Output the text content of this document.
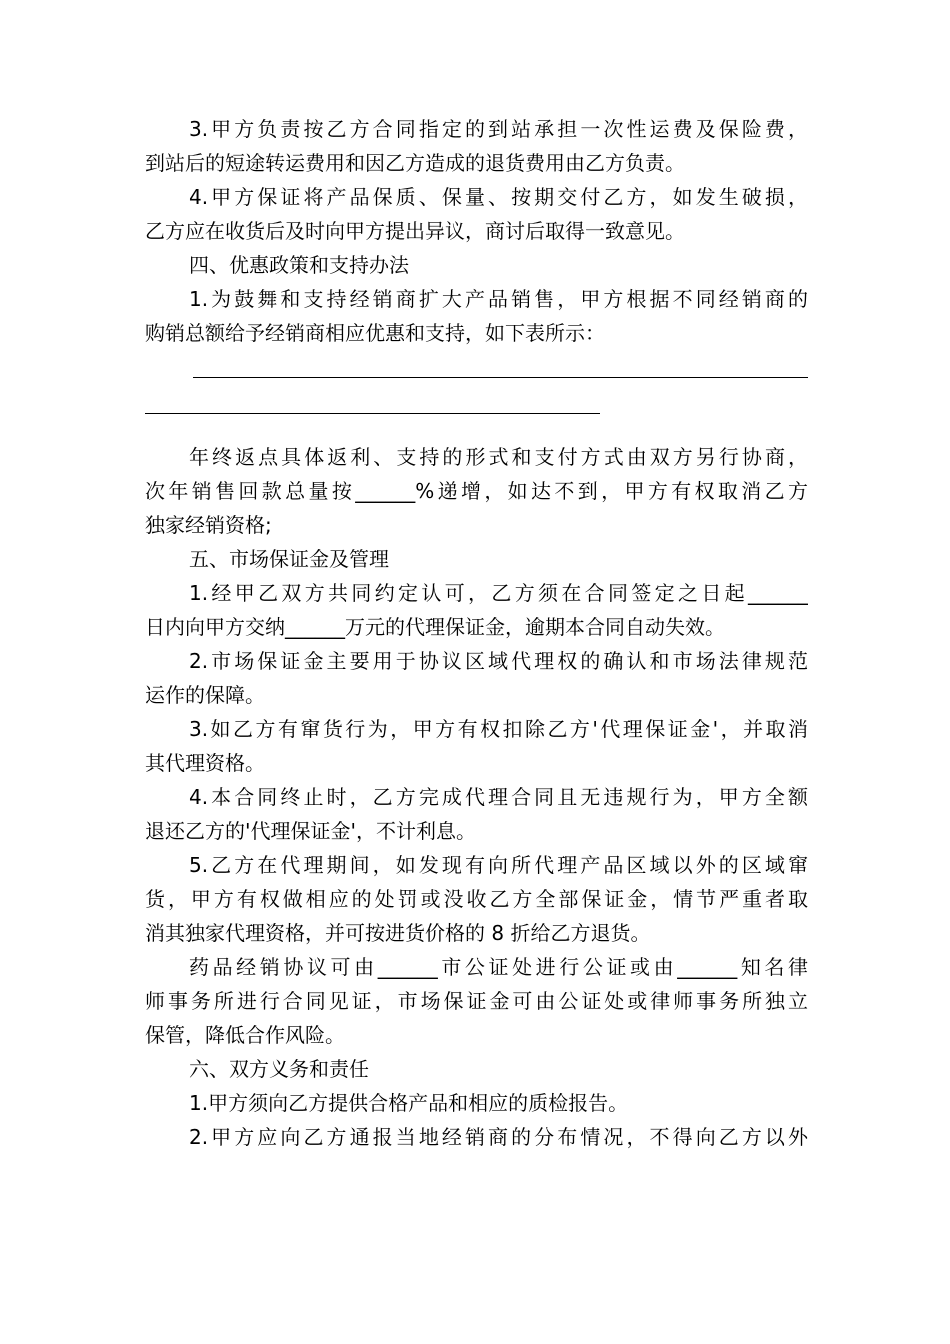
3.甲方负责按乙方合同指定的到站承担一次性运费及保险费，
到站后的短途转运费用和因乙方造成的退货费用由乙方负责。
4.甲方保证将产品保质、保量、按期交付乙方，如发生破损，
乙方应在收货后及时向甲方提出异议，商讨后取得一致意见。
四、优惠政策和支持办法
1.为鼓舞和支持经销商扩大产品销售，甲方根据不同经销商的
购销总额给予经销商相应优惠和支持，如下表所示：
年终返点具体返利、支持的形式和支付方式由双方另行协商，
次年销售回款总量按______%递增，如达不到，甲方有权取消乙方
独家经销资格;
五、市场保证金及管理
1.经甲乙双方共同约定认可，乙方须在合同签定之日起______
日内向甲方交纳______万元的代理保证金，逾期本合同自动失效。
2.市场保证金主要用于协议区域代理权的确认和市场法律规范
运作的保障。
3.如乙方有窜货行为，甲方有权扣除乙方'代理保证金'，并取消
其代理资格。
4.本合同终止时，乙方完成代理合同且无违规行为，甲方全额
退还乙方的'代理保证金'，不计利息。
5.乙方在代理期间，如发现有向所代理产品区域以外的区域窜
货，甲方有权做相应的处罚或没收乙方全部保证金，情节严重者取
消其独家代理资格，并可按进货价格的 8 折给乙方退货。
药品经销协议可由______市公证处进行公证或由______知名律
师事务所进行合同见证，市场保证金可由公证处或律师事务所独立
保管，降低合作风险。
六、双方义务和责任
1.甲方须向乙方提供合格产品和相应的质检报告。
2.甲方应向乙方通报当地经销商的分布情况，不得向乙方以外
